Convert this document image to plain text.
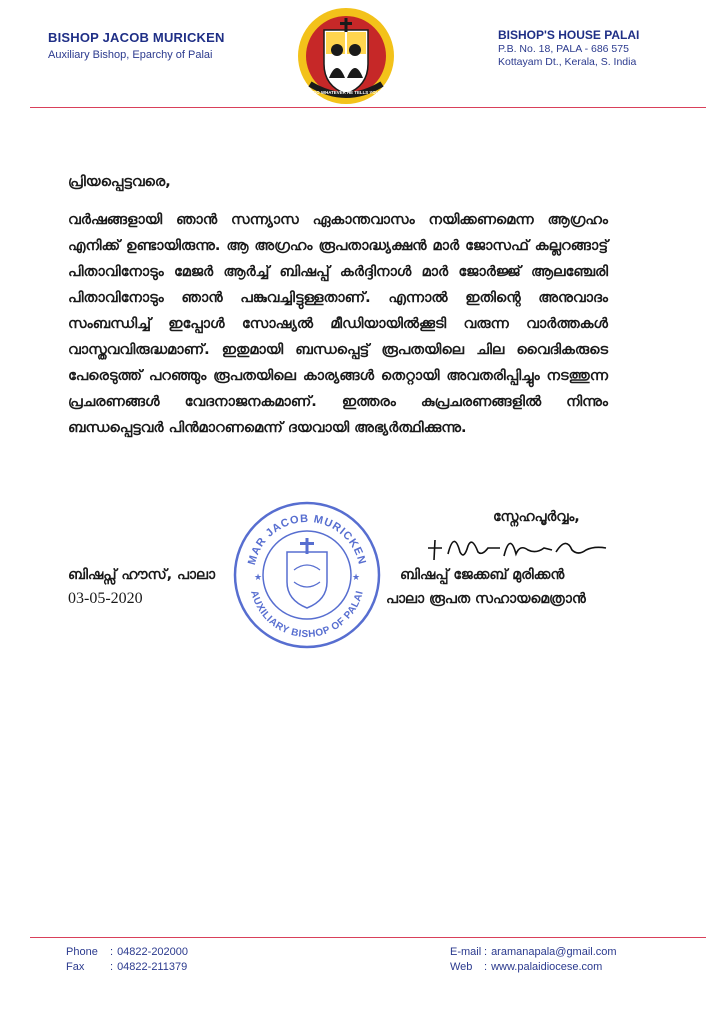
BISHOP JACOB MURICKEN
Auxiliary Bishop, Eparchy of Palai
DO WHATEVER HE TELLS YOU
BISHOP'S HOUSE PALAI
P.B. No. 18, PALA - 686 575
Kottayam Dt., Kerala, S. India
പ്രിയപ്പെട്ടവരെ,

വർഷങ്ങളായി ഞാൻ സന്ന്യാസ ഏകാന്തവാസം നയിക്കണമെന്ന ആഗ്രഹം എനിക്ക് ഉണ്ടായിരുന്നു. ആ അഗ്രഹം രൂപതാദ്ധ്യക്ഷൻ മാർ ജോസഫ് കല്ലറങ്ങാട്ട് പിതാവിനോടും മേജർ ആർച്ച് ബിഷപ്പ് കർദ്ദിനാൾ മാർ ജോർജ്ജ് ആലഞ്ചേരി പിതാവിനോടും ഞാൻ പങ്കുവച്ചിട്ടുള്ളതാണ്. എന്നാൽ ഇതിന്റെ അനുവാദം സംബന്ധിച്ച് ഇപ്പോൾ സോഷ്യൽ മീഡിയായിൽക്കൂടി വരുന്ന വാർത്തകൾ വാസ്തവവിരുദ്ധമാണ്. ഇതുമായി ബന്ധപ്പെട്ട് രൂപതയിലെ ചില വൈദികരുടെ പേരെടുത്ത് പറഞ്ഞും രൂപതയിലെ കാര്യങ്ങൾ തെറ്റായി അവതരിപ്പിച്ചും നടത്തുന്ന പ്രചരണങ്ങൾ വേദനാജനകമാണ്. ഇത്തരം കുപ്രചരണങ്ങളിൽ നിന്നും ബന്ധപ്പെട്ടവർ പിൻമാറണമെന്ന് ദയവായി അഭ്യർത്ഥിക്കുന്നു.

സ്നേഹപൂർവ്വം,
ബിഷപ്സ് ഹൗസ്, പാലാ
03-05-2020
ബിഷപ്പ് ജേക്കബ് മുരിക്കൻ
പാലാ രൂപത സഹായമെത്രാൻ
MAR JACOB MURICKEN
AUXILIARY BISHOP OF PALAI
★	★
Phone	: 04822-202000
Fax	: 04822-211379
E-mail : aramanapala@gmail.com
Web	: www.palaidiocese.com
